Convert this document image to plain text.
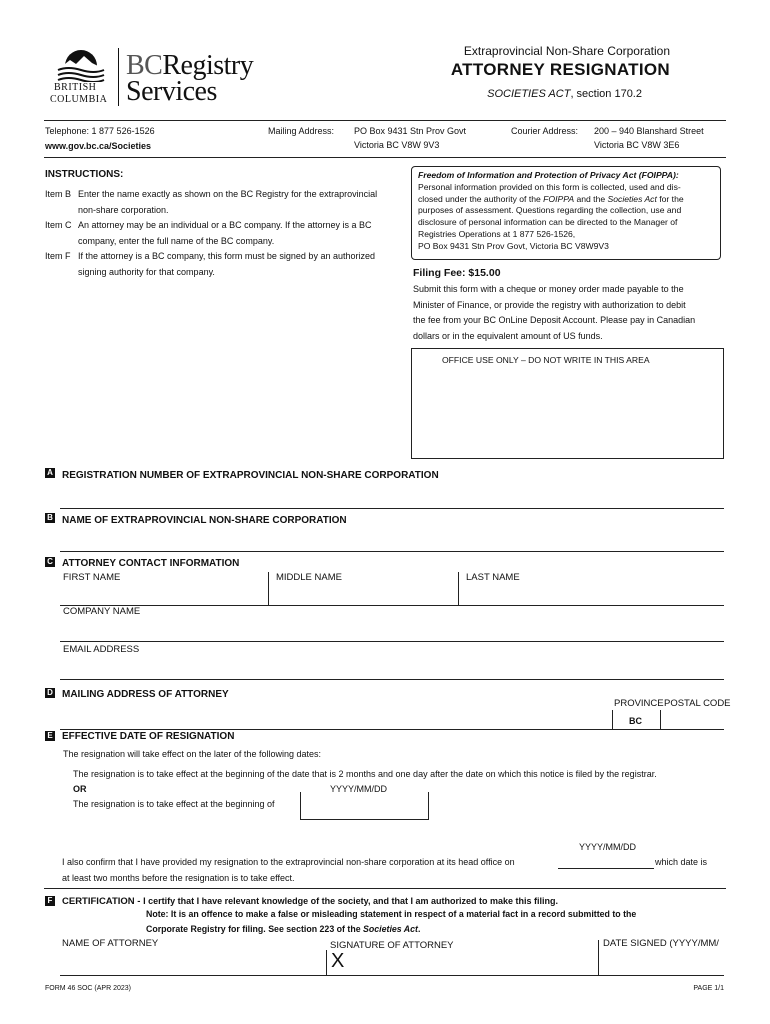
BRITISH
COLUMBIA
BCRegistry
Services
Extraprovincial Non-Share Corporation
ATTORNEY RESIGNATION
SOCIETIES ACT, section 170.2
Telephone: 1 877 526-1526
www.gov.bc.ca/Societies
Mailing Address: PO Box 9431 Stn Prov Govt
Victoria BC V8W 9V3
Courier Address: 200 – 940 Blanshard Street
Victoria BC V8W 3E6
INSTRUCTIONS:
Item B Enter the name exactly as shown on the BC Registry for the extraprovincial
non-share corporation.
Item C An attorney may be an individual or a BC company. If the attorney is a BC
company, enter the full name of the BC company.
Item F If the attorney is a BC company, this form must be signed by an authorized
signing authority for that company.
Freedom of Information and Protection of Privacy Act (FOIPPA):
Personal information provided on this form is collected, used and dis-
closed under the authority of the FOIPPA and the Societies Act for the
purposes of assessment. Questions regarding the collection, use and
disclosure of personal information can be directed to the Manager of
Registries Operations at 1 877 526-1526,
PO Box 9431 Stn Prov Govt, Victoria BC V8W9V3
Filing Fee: $15.00
Submit this form with a cheque or money order made payable to the
Minister of Finance, or provide the registry with authorization to debit
the fee from your BC OnLine Deposit Account. Please pay in Canadian
dollars or in the equivalent amount of US funds.
OFFICE USE ONLY – DO NOT WRITE IN THIS AREA
A REGISTRATION NUMBER OF EXTRAPROVINCIAL NON-SHARE CORPORATION
B NAME OF EXTRAPROVINCIAL NON-SHARE CORPORATION
C ATTORNEY CONTACT INFORMATION
FIRST NAME	MIDDLE NAME	LAST NAME
COMPANY NAME
EMAIL ADDRESS
D MAILING ADDRESS OF ATTORNEY
PROVINCE POSTAL CODE
BC
E EFFECTIVE DATE OF RESIGNATION
The resignation will take effect on the later of the following dates:
The resignation is to take effect at the beginning of the date that is 2 months and one day after the date on which this notice is filed by the registrar.
OR	YYYY/MM/DD
The resignation is to take effect at the beginning of
YYYY/MM/DD
I also confirm that I have provided my resignation to the extraprovincial non-share corporation at its head office on	which date is
at least two months before the resignation is to take effect.
F CERTIFICATION - I certify that I have relevant knowledge of the society, and that I am authorized to make this filing.
Note: It is an offence to make a false or misleading statement in respect of a material fact in a record submitted to the
Corporate Registry for filing. See section 223 of the Societies Act.
NAME OF ATTORNEY	SIGNATURE OF ATTORNEY	DATE SIGNED (YYYY/MM/
X
FORM 46 SOC (APR 2023)	PAGE 1/1
